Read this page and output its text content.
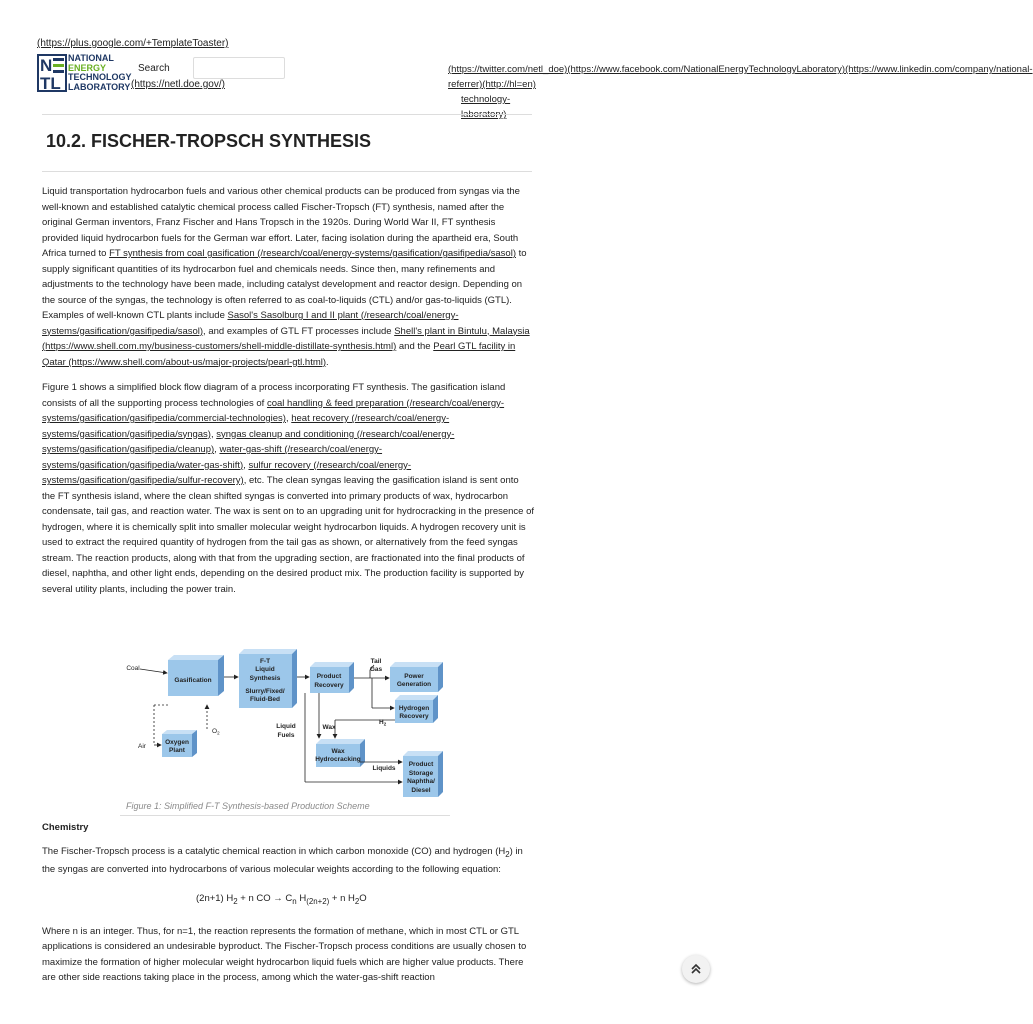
(https://plus.google.com/+TemplateToaster)
N
TL
NATIONAL
ENERGY
TECHNOLOGY
LABORATORY
Search
(https://netl.doe.gov/)
(https://twitter.com/netl_doe)(https://www.facebook.com/NationalEnergyTechnologyLaboratory)(https://www.linkedin.com/company/national-
referrer)(http://hl=en)
technology-
laboratory)
10.2. FISCHER-TROPSCH SYNTHESIS

Liquid transportation hydrocarbon fuels and various other chemical products can be produced from syngas via the well-known and established catalytic chemical process called Fischer-Tropsch (FT) synthesis, named after the original German inventors, Franz Fischer and Hans Tropsch in the 1920s. During World War II, FT synthesis provided liquid hydrocarbon fuels for the German war effort. Later, facing isolation during the apartheid era, South Africa turned to FT synthesis from coal gasification (/research/coal/energy-systems/gasification/gasifipedia/sasol) to supply significant quantities of its hydrocarbon fuel and chemicals needs. Since then, many refinements and adjustments to the technology have been made, including catalyst development and reactor design. Depending on the source of the syngas, the technology is often referred to as coal-to-liquids (CTL) and/or gas-to-liquids (GTL). Examples of well-known CTL plants include Sasol's Sasolburg I and II plant (/research/coal/energy-systems/gasification/gasifipedia/sasol), and examples of GTL FT processes include Shell's plant in Bintulu, Malaysia (https://www.shell.com.my/business-customers/shell-middle-distillate-synthesis.html) and the Pearl GTL facility in Qatar (https://www.shell.com/about-us/major-projects/pearl-gtl.html).

Figure 1 shows a simplified block flow diagram of a process incorporating FT synthesis. The gasification island consists of all the supporting process technologies of coal handling & feed preparation (/research/coal/energy-systems/gasification/gasifipedia/commercial-technologies), heat recovery (/research/coal/energy-systems/gasification/gasifipedia/syngas), syngas cleanup and conditioning (/research/coal/energy-systems/gasification/gasifipedia/cleanup), water-gas-shift (/research/coal/energy-systems/gasification/gasifipedia/water-gas-shift), sulfur recovery (/research/coal/energy-systems/gasification/gasifipedia/sulfur-recovery), etc. The clean syngas leaving the gasification island is sent onto the FT synthesis island, where the clean shifted syngas is converted into primary products of wax, hydrocarbon condensate, tail gas, and reaction water. The wax is sent on to an upgrading unit for hydrocracking in the presence of hydrogen, where it is chemically split into smaller molecular weight hydrocarbon liquids. A hydrogen recovery unit is used to extract the required quantity of hydrogen from the tail gas as shown, or alternatively from the feed syngas stream. The reaction products, along with that from the upgrading section, are fractionated into the final products of diesel, naphtha, and other light ends, depending on the desired product mix. The production facility is supported by several utility plants, including the power train.

Coal
Air
$O_2$
Gasification
Oxygen
Plant
F-T
Liquid
Synthesis
Slurry/Fixed/
Fluid-Bed
Product
Recovery
Tail
Gas
Power
Generation
Hydrogen
Recovery
$H_2$
Liquid
Fuels
Wax
Wax
Hydrocracking
Liquids
Product
Storage
Naphtha/
Diesel
Figure 1: Simplified F-T Synthesis-based Production Scheme

Chemistry

The Fischer-Tropsch process is a catalytic chemical reaction in which carbon monoxide (CO) and hydrogen $(H_2)$ in the syngas are converted into hydrocarbons of various molecular weights according to the following equation:

(2n+1) $H_2 + n$ CO → $C_n$ $H_{(2n+2)} + n$ $H_2O$

Where n is an integer. Thus, for n=1, the reaction represents the formation of methane, which in most CTL or GTL applications is considered an undesirable byproduct. The Fischer-Tropsch process conditions are usually chosen to maximize the formation of higher molecular weight hydrocarbon liquid fuels which are higher value products. There are other side reactions taking place in the process, among which the water-gas-shift reaction
